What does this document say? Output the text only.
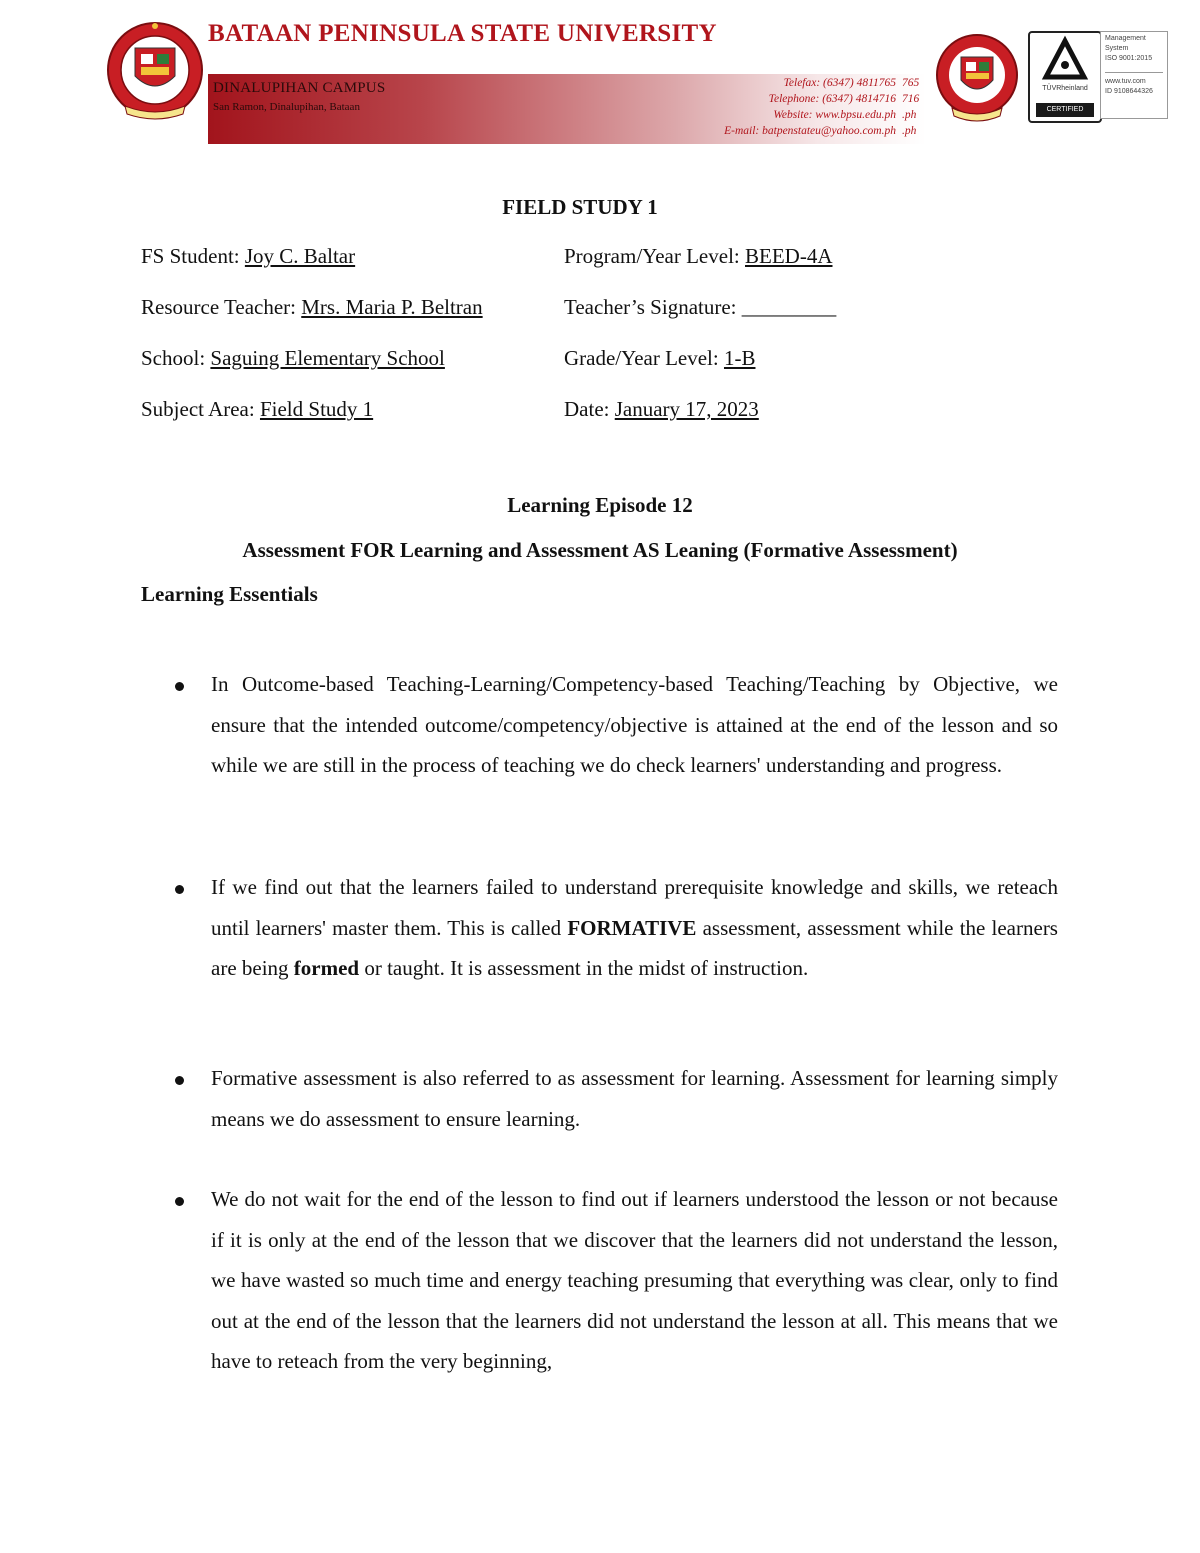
BATAAN PENINSULA STATE UNIVERSITY
DINALUPIHAN CAMPUS
San Ramon, Dinalupihan, Bataan
Telefax: (6347) 4811765
Telephone: (6347) 4814716
Website: www.bpsu.edu.ph
E-mail: batpenstateu@yahoo.com.ph
765
716
.ph
.ph
TÜVRheinland
CERTIFIED
Management
System
ISO 9001:2015
www.tuv.com
ID 9108644326
FIELD STUDY 1
FS Student: Joy C. Baltar	Program/Year Level: BEED-4A
Resource Teacher: Mrs. Maria P. Beltran	Teacher’s Signature: _________
School: Saguing Elementary School	Grade/Year Level: 1-B
Subject Area: Field Study 1	Date: January 17, 2023
Learning Episode 12
Assessment FOR Learning and Assessment AS Leaning (Formative Assessment)
Learning Essentials
In Outcome-based Teaching-Learning/Competency-based Teaching/Teaching by Objective, we ensure that the intended outcome/competency/objective is attained at the end of the lesson and so while we are still in the process of teaching we do check learners' understanding and progress.
If we find out that the learners failed to understand prerequisite knowledge and skills, we reteach until learners' master them. This is called FORMATIVE assessment, assessment while the learners are being formed or taught. It is assessment in the midst of instruction.
Formative assessment is also referred to as assessment for learning. Assessment for learning simply means we do assessment to ensure learning.
We do not wait for the end of the lesson to find out if learners understood the lesson or not because if it is only at the end of the lesson that we discover that the learners did not understand the lesson, we have wasted so much time and energy teaching presuming that everything was clear, only to find out at the end of the lesson that the learners did not understand the lesson at all. This means that we have to reteach from the very beginning,
